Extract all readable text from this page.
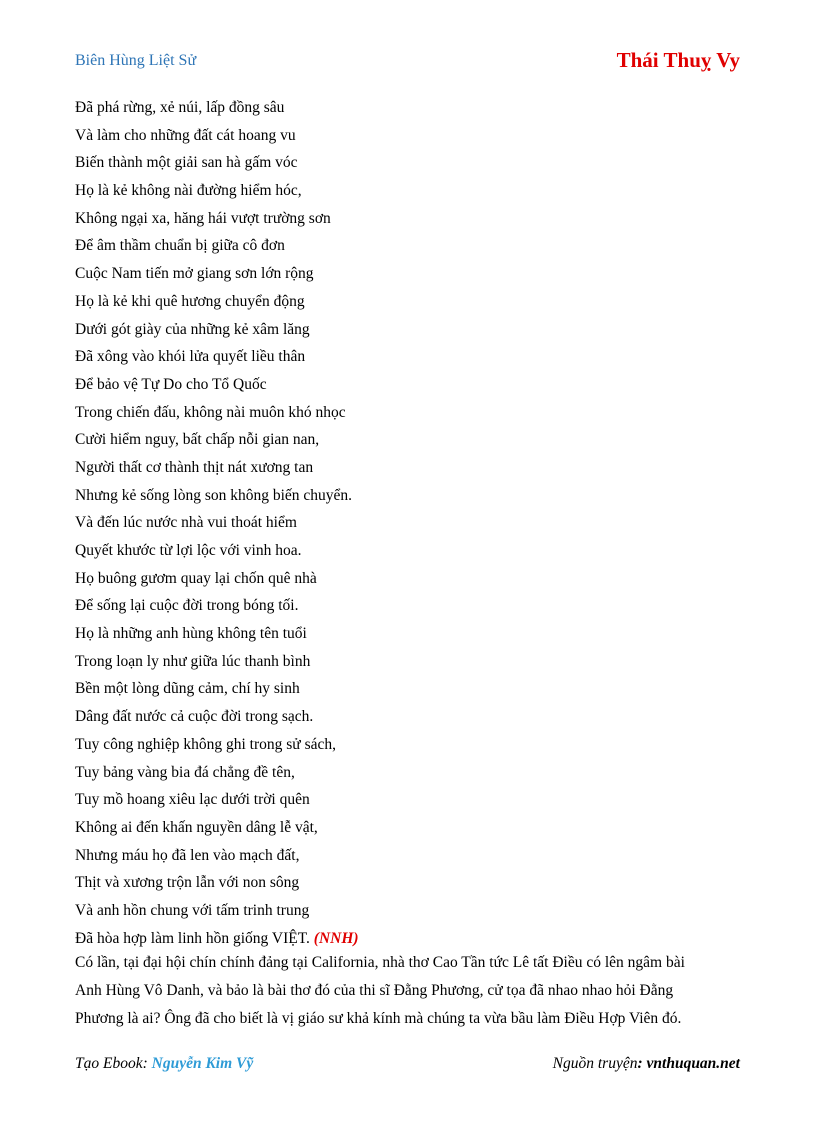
Biên Hùng Liệt Sử	Thái Thuỵ Vy
Đã phá rừng, xẻ núi, lấp đồng sâu
Và làm cho những đất cát hoang vu
Biến thành một giải san hà gấm vóc
Họ là kẻ không nài đường hiểm hóc,
Không ngại xa, hăng hái vượt trường sơn
Để âm thầm chuẩn bị giữa cô đơn
Cuộc Nam tiến mở giang sơn lớn rộng
Họ là kẻ khi quê hương chuyển động
Dưới gót giày của những kẻ xâm lăng
Đã xông vào khói lửa quyết liều thân
Để bảo vệ Tự Do cho Tổ Quốc
Trong chiến đấu, không nài muôn khó nhọc
Cười hiểm nguy, bất chấp nỗi gian nan,
Người thất cơ thành thịt nát xương tan
Nhưng kẻ sống lòng son không biến chuyển.
Và đến lúc nước nhà vui thoát hiểm
Quyết khước từ lợi lộc với vinh hoa.
Họ buông gươm quay lại chốn quê nhà
Để sống lại cuộc đời trong bóng tối.
Họ là những anh hùng không tên tuổi
Trong loạn ly như giữa lúc thanh bình
Bền một lòng dũng cảm, chí hy sinh
Dâng đất nước cả cuộc đời trong sạch.
Tuy công nghiệp không ghi trong sử sách,
Tuy bảng vàng bia đá chẳng đề tên,
Tuy mồ hoang xiêu lạc dưới trời quên
Không ai đến khấn nguyền dâng lễ vật,
Nhưng máu họ đã len vào mạch đất,
Thịt và xương trộn lẫn với non sông
Và anh hồn chung với tấm trinh trung
Đã hòa hợp làm linh hồn giống VIỆT. (NNH)

Có lần, tại đại hội chín chính đảng tại California, nhà thơ Cao Tần tức Lê tất Điều có lên ngâm bài
Anh Hùng Vô Danh, và bảo là bài thơ đó của thi sĩ Đằng Phương, cử tọa đã nhao nhao hỏi Đằng
Phương là ai? Ông đã cho biết là vị giáo sư khả kính mà chúng ta vừa bầu làm Điều Hợp Viên đó.

Tạo Ebook: Nguyễn Kim Vỹ	Nguồn truyện: vnthuquan.net
